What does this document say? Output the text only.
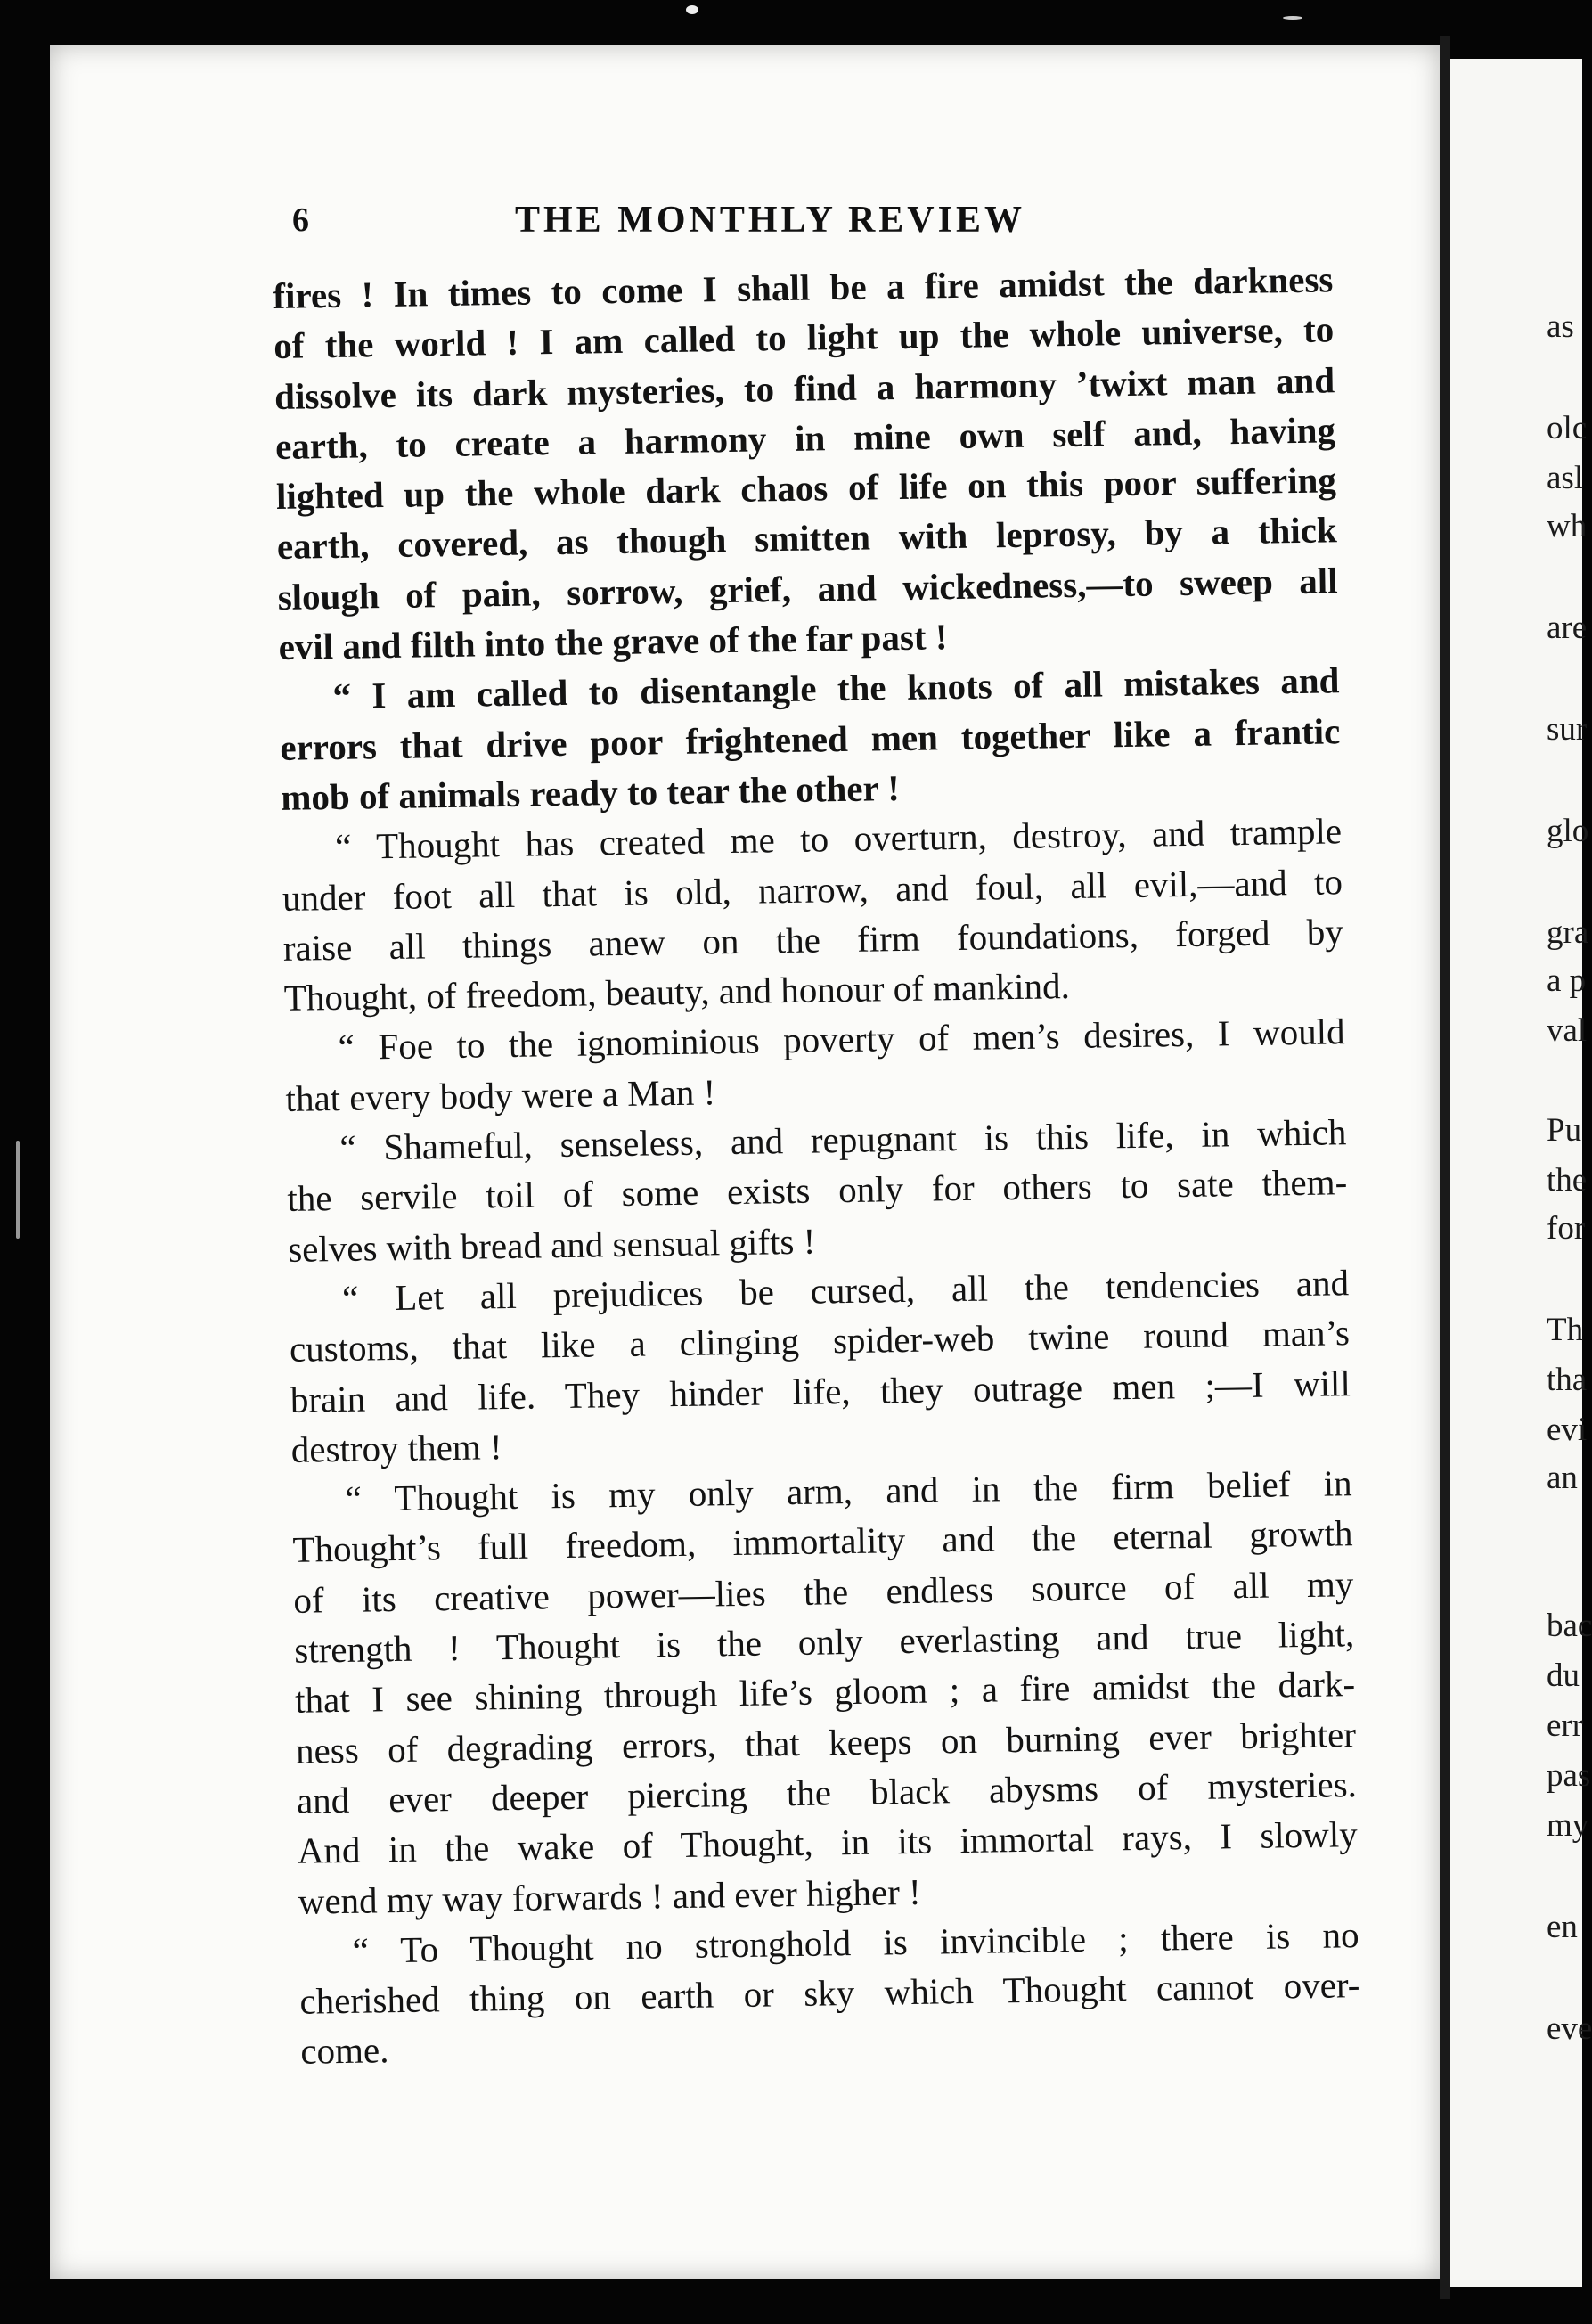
6	THE MONTHLY REVIEW
fires ! In times to come I shall be a fire amidst the darkness
of the world ! I am called to light up the whole universe, to
dissolve its dark mysteries, to find a harmony ’twixt man and
earth, to create a harmony in mine own self and, having
lighted up the whole dark chaos of life on this poor suffering
earth, covered, as though smitten with leprosy, by a thick
slough of pain, sorrow, grief, and wickedness,—to sweep all
evil and filth into the grave of the far past !
“ I am called to disentangle the knots of all mistakes and
errors that drive poor frightened men together like a frantic
mob of animals ready to tear the other !
“ Thought has created me to overturn, destroy, and trample
under foot all that is old, narrow, and foul, all evil,—and to
raise all things anew on the firm foundations, forged by
Thought, of freedom, beauty, and honour of mankind.
“ Foe to the ignominious poverty of men’s desires, I would
that every body were a Man !
“ Shameful, senseless, and repugnant is this life, in which
the servile toil of some exists only for others to sate them-
selves with bread and sensual gifts !
“ Let all prejudices be cursed, all the tendencies and
customs, that like a clinging spider-web twine round man’s
brain and life. They hinder life, they outrage men ;—I will
destroy them !
“ Thought is my only arm, and in the firm belief in
Thought’s full freedom, immortality and the eternal growth
of its creative power—lies the endless source of all my
strength ! Thought is the only everlasting and true light,
that I see shining through life’s gloom ; a fire amidst the dark-
ness of degrading errors, that keeps on burning ever brighter
and ever deeper piercing the black abysms of mysteries.
And in the wake of Thought, in its immortal rays, I slowly
wend my way forwards ! and ever higher !
“ To Thought no stronghold is invincible ; there is no
cherished thing on earth or sky which Thought cannot over-
come.
as
olc
asl
wh
are
sur
glo
gra
a p
val
Pu
the
for
Th
tha
evi
an
bac
du
err
pas
my
en
eve
